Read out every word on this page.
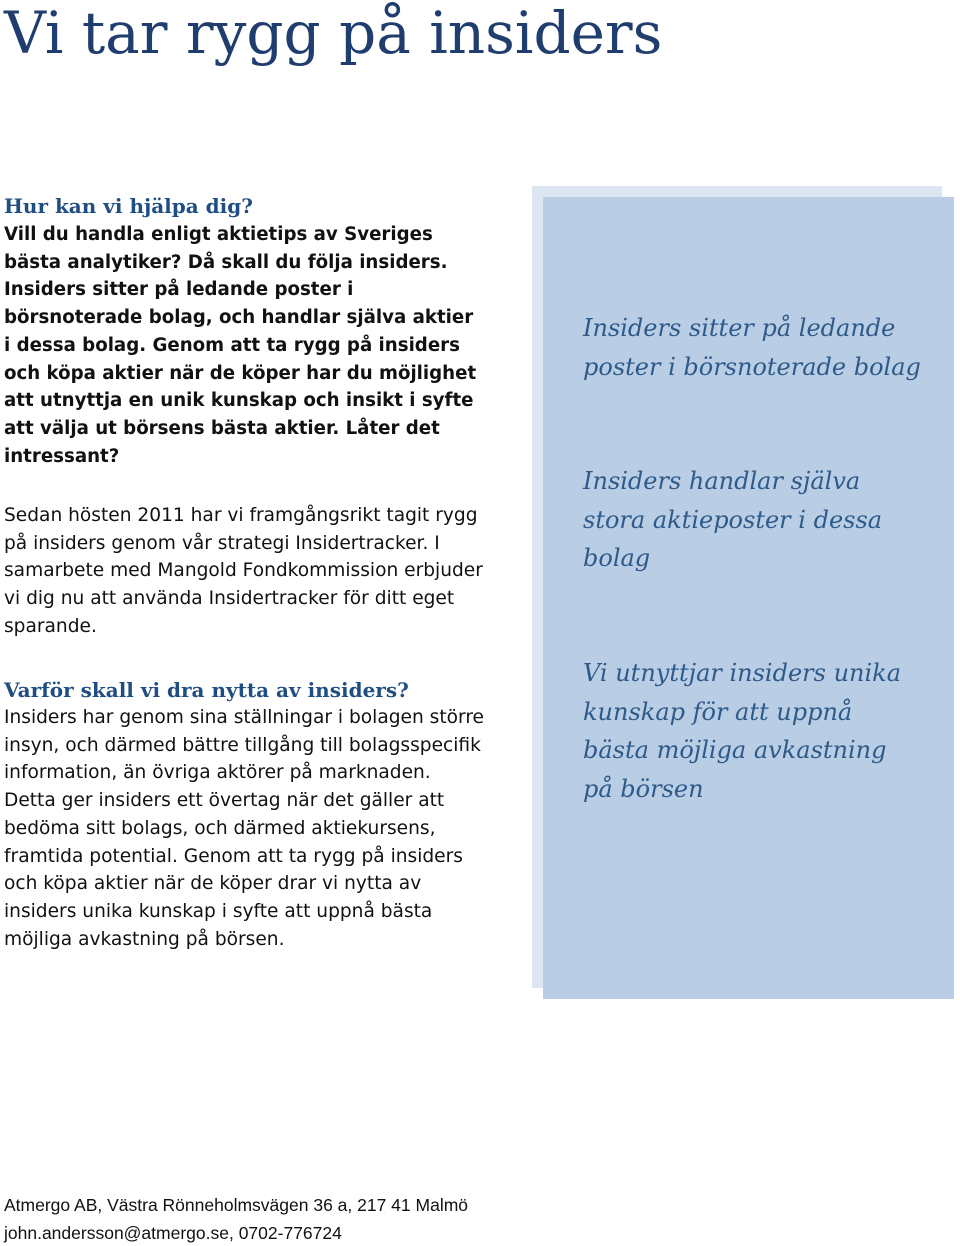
Vi tar rygg på insiders
Hur kan vi hjälpa dig?

Vill du handla enligt aktietips av Sveriges bästa analytiker? Då skall du följa insiders. Insiders sitter på ledande poster i börsnoterade bolag, och handlar själva aktier i dessa bolag. Genom att ta rygg på insiders och köpa aktier när de köper har du möjlighet att utnyttja en unik kunskap och insikt i syfte att välja ut börsens bästa aktier. Låter det intressant?

Sedan hösten 2011 har vi framgångsrikt tagit rygg på insiders genom vår strategi Insidertracker. I samarbete med Mangold Fondkommission erbjuder vi dig nu att använda Insidertracker för ditt eget sparande.

Varför skall vi dra nytta av insiders?

Insiders har genom sina ställningar i bolagen större insyn, och därmed bättre tillgång till bolagsspecifik information, än övriga aktörer på marknaden. Detta ger insiders ett övertag när det gäller att bedöma sitt bolags, och därmed aktiekursens, framtida potential. Genom att ta rygg på insiders och köpa aktier när de köper drar vi nytta av insiders unika kunskap i syfte att uppnå bästa möjliga avkastning på börsen.

Insiders sitter på ledande poster i börsnoterade bolag

Insiders handlar själva stora aktieposter i dessa bolag

Vi utnyttjar insiders unika kunskap för att uppnå bästa möjliga avkastning på börsen

Atmergo AB, Västra Rönneholmsvägen 36 a, 217 41 Malmö

john.andersson@atmergo.se, 0702-776724
